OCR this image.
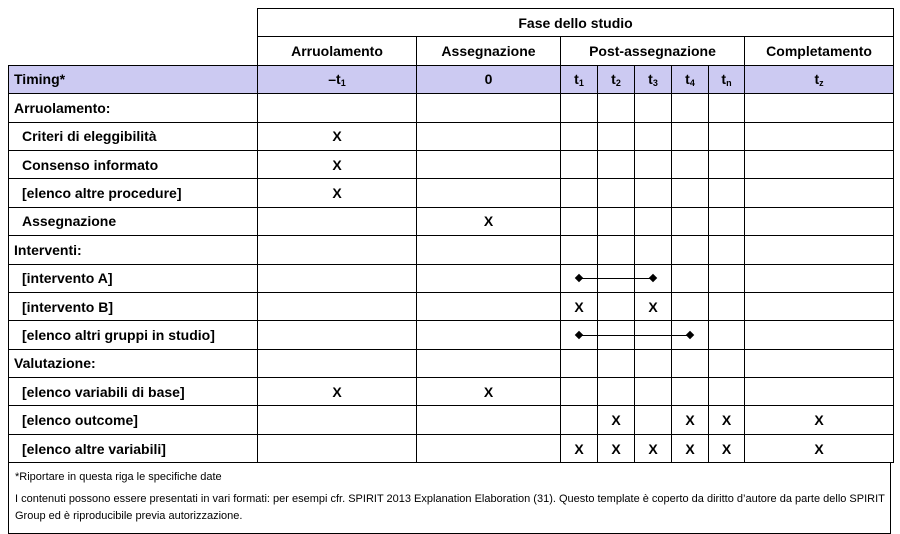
	Fase dello studio							
	Arruolamento	Assegnazione	Post-assegnazione					Completamento
Timing*	$-t_1$	0	$t_1$	$t_2$	$t_3$	$t_4$	$t_n$	$t_z$
Arruolamento:								
Criteri di eleggibilità	X							
Consenso informato	X							
[elenco altre procedure]	X							
Assegnazione		X						
Interventi:								
[intervento A]			

[intervento B]			X		X			
[elenco altri gruppi in studio]			

Valutazione:								
[elenco variabili di base]	X	X						
[elenco outcome]				X		X	X	X
[elenco altre variabili]			X	X	X	X	X	X

*Riportare in questa riga le specifiche date

I contenuti possono essere presentati in vari formati: per esempi cfr. SPIRIT 2013 Explanation Elaboration (31). Questo template è coperto da diritto d’autore da parte dello SPIRIT Group ed è riproducibile previa autorizzazione.
